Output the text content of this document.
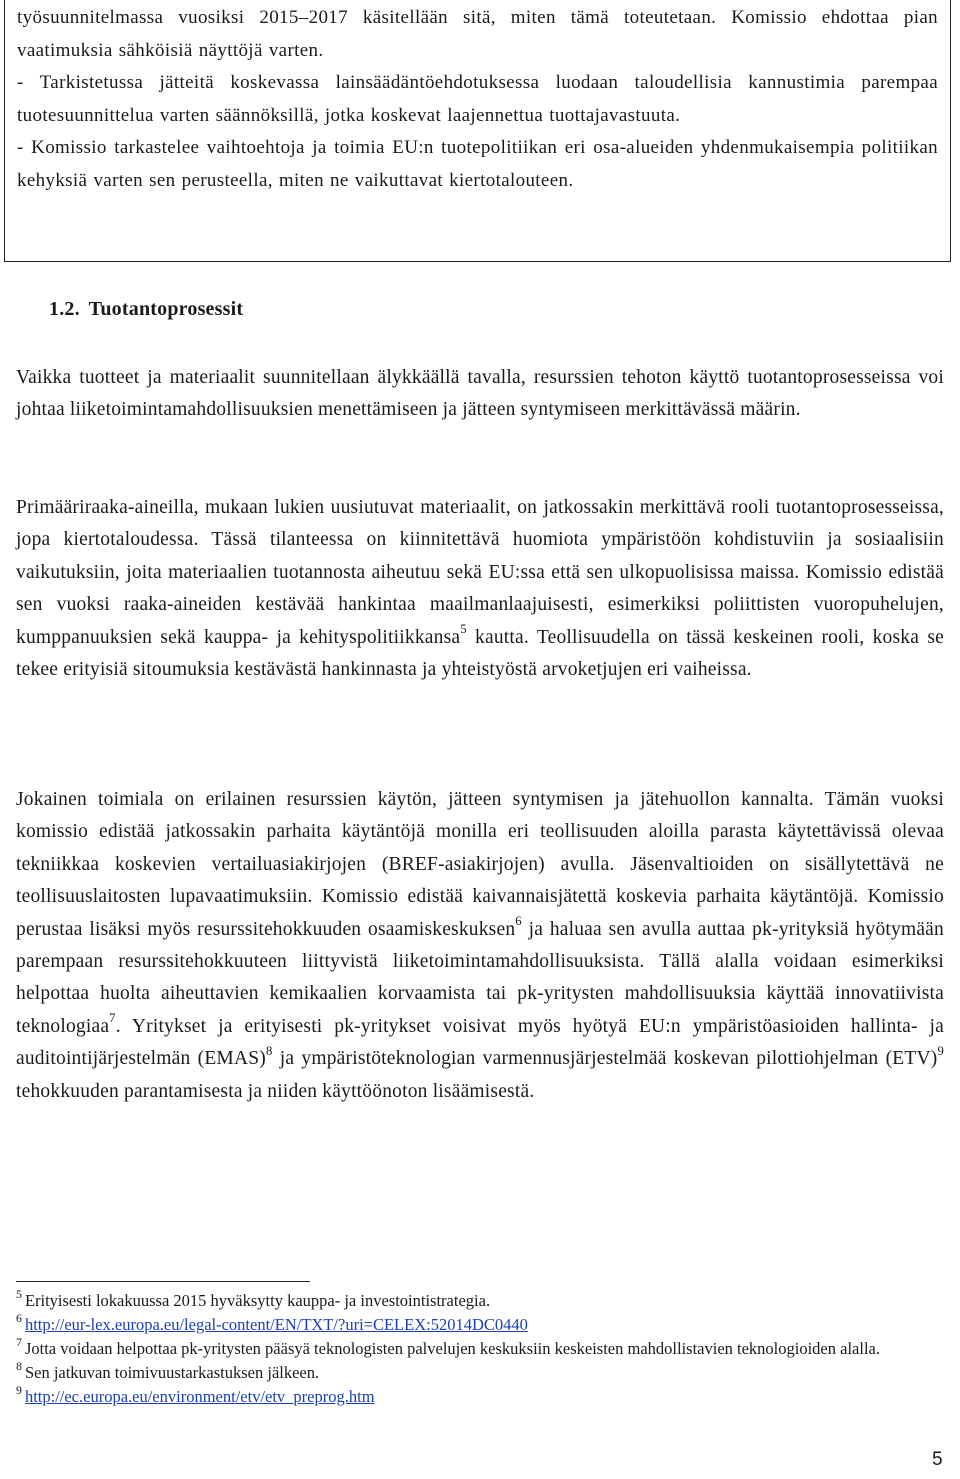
työsuunnitelmassa vuosiksi 2015–2017 käsitellään sitä, miten tämä toteutetaan. Komissio ehdottaa pian vaatimuksia sähköisiä näyttöjä varten.

- Tarkistetussa jätteitä koskevassa lainsäädäntöehdotuksessa luodaan taloudellisia kannustimia parempaa tuotesuunnittelua varten säännöksillä, jotka koskevat laajennettua tuottajavastuuta.

- Komissio tarkastelee vaihtoehtoja ja toimia EU:n tuotepolitiikan eri osa-alueiden yhdenmukaisempia politiikan kehyksiä varten sen perusteella, miten ne vaikuttavat kiertotalouteen.

1.2. Tuotantoprosessit

Vaikka tuotteet ja materiaalit suunnitellaan älykkäällä tavalla, resurssien tehoton käyttö tuotantoprosesseissa voi johtaa liiketoimintamahdollisuuksien menettämiseen ja jätteen syntymiseen merkittävässä määrin.

Primääriraaka-aineilla, mukaan lukien uusiutuvat materiaalit, on jatkossakin merkittävä rooli tuotantoprosesseissa, jopa kiertotaloudessa. Tässä tilanteessa on kiinnitettävä huomiota ympäristöön kohdistuviin ja sosiaalisiin vaikutuksiin, joita materiaalien tuotannosta aiheutuu sekä EU:ssa että sen ulkopuolisissa maissa. Komissio edistää sen vuoksi raaka-aineiden kestävää hankintaa maailmanlaajuisesti, esimerkiksi poliittisten vuoropuhelujen, kumppanuuksien sekä kauppa- ja kehityspolitiikkansa$^5$ kautta. Teollisuudella on tässä keskeinen rooli, koska se tekee erityisiä sitoumuksia kestävästä hankinnasta ja yhteistyöstä arvoketjujen eri vaiheissa.

Jokainen toimiala on erilainen resurssien käytön, jätteen syntymisen ja jätehuollon kannalta. Tämän vuoksi komissio edistää jatkossakin parhaita käytäntöjä monilla eri teollisuuden aloilla parasta käytettävissä olevaa tekniikkaa koskevien vertailuasiakirjojen (BREF-asiakirjojen) avulla. Jäsenvaltioiden on sisällytettävä ne teollisuuslaitosten lupavaatimuksiin. Komissio edistää kaivannaisjätettä koskevia parhaita käytäntöjä. Komissio perustaa lisäksi myös resurssitehokkuuden osaamiskeskuksen$^6$ ja haluaa sen avulla auttaa pk-yrityksiä hyötymään parempaan resurssitehokkuuteen liittyvistä liiketoimintamahdollisuuksista. Tällä alalla voidaan esimerkiksi helpottaa huolta aiheuttavien kemikaalien korvaamista tai pk-yritysten mahdollisuuksia käyttää innovatiivista teknologiaa$^7$. Yritykset ja erityisesti pk-yritykset voisivat myös hyötyä EU:n ympäristöasioiden hallinta- ja auditointijärjestelmän (EMAS)$^8$ ja ympäristöteknologian varmennusjärjestelmää koskevan pilottiohjelman (ETV)$^9$ tehokkuuden parantamisesta ja niiden käyttöönoton lisäämisestä.

$^5$ Erityisesti lokakuussa 2015 hyväksytty kauppa- ja investointistrategia.

$^6$ http://eur-lex.europa.eu/legal-content/EN/TXT/?uri=CELEX:52014DC0440

$^7$ Jotta voidaan helpottaa pk-yritysten pääsyä teknologisten palvelujen keskuksiin keskeisten mahdollistavien teknologioiden alalla.

$^8$ Sen jatkuvan toimivuustarkastuksen jälkeen.

$^9$ http://ec.europa.eu/environment/etv/etv_preprog.htm

5
